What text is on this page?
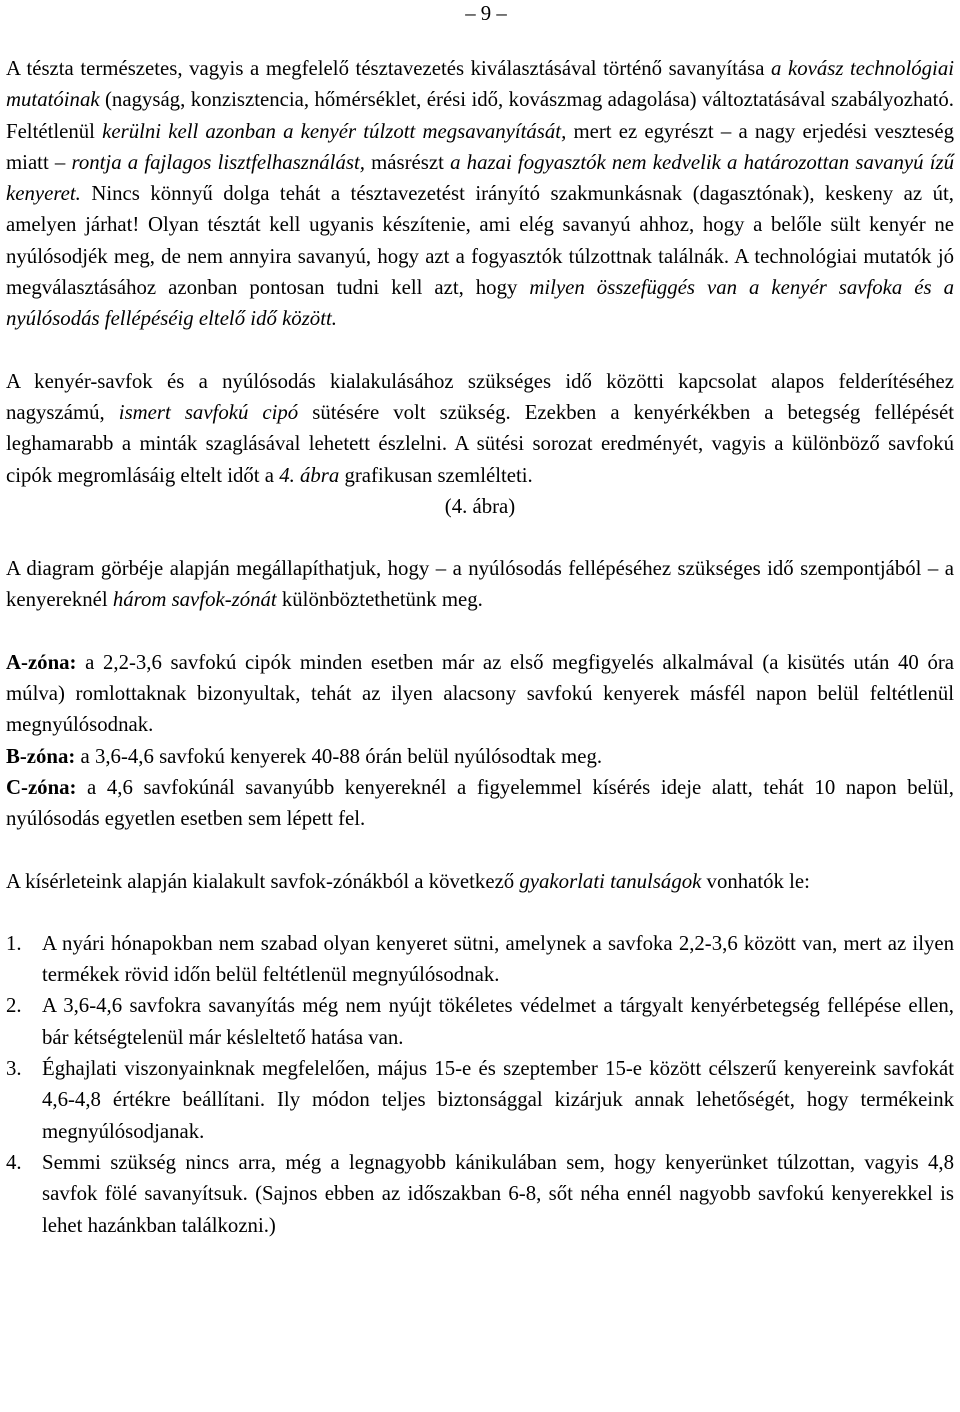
– 9 –

A tészta természetes, vagyis a megfelelő tésztavezetés kiválasztásával történő savanyítása a kovász technológiai mutatóinak (nagyság, konzisztencia, hőmérséklet, érési idő, kovászmag adagolása) változtatásával szabályozható. Feltétlenül kerülni kell azonban a kenyér túlzott megsavanyítását, mert ez egyrészt – a nagy erjedési veszteség miatt – rontja a fajlagos lisztfelhasználást, másrészt a hazai fogyasztók nem kedvelik a határozottan savanyú ízű kenyeret. Nincs könnyű dolga tehát a tésztavezetést irányító szakmunkásnak (dagasztónak), keskeny az út, amelyen járhat! Olyan tésztát kell ugyanis készítenie, ami elég savanyú ahhoz, hogy a belőle sült kenyér ne nyúlósodjék meg, de nem annyira savanyú, hogy azt a fogyasztók túlzottnak találnák. A technológiai mutatók jó megválasztásához azonban pontosan tudni kell azt, hogy milyen összefüggés van a kenyér savfoka és a nyúlósodás fellépéséig eltelő idő között.

A kenyér-savfok és a nyúlósodás kialakulásához szükséges idő közötti kapcsolat alapos felderítéséhez nagyszámú, ismert savfokú cipó sütésére volt szükség. Ezekben a kenyérkékben a betegség fellépését leghamarabb a minták szaglásával lehetett észlelni. A sütési sorozat eredményét, vagyis a különböző savfokú cipók megromlásáig eltelt időt a 4. ábra grafikusan szemlélteti.

(4. ábra)

A diagram görbéje alapján megállapíthatjuk, hogy – a nyúlósodás fellépéséhez szükséges idő szempontjából – a kenyereknél három savfok-zónát különböztethetünk meg.

A-zóna: a 2,2-3,6 savfokú cipók minden esetben már az első megfigyelés alkalmával (a kisütés után 40 óra múlva) romlottaknak bizonyultak, tehát az ilyen alacsony savfokú kenyerek másfél napon belül feltétlenül megnyúlósodnak.

B-zóna: a 3,6-4,6 savfokú kenyerek 40-88 órán belül nyúlósodtak meg.

C-zóna: a 4,6 savfokúnál savanyúbb kenyereknél a figyelemmel kísérés ideje alatt, tehát 10 napon belül, nyúlósodás egyetlen esetben sem lépett fel.

A kísérleteink alapján kialakult savfok-zónákból a következő gyakorlati tanulságok vonhatók le:

1. A nyári hónapokban nem szabad olyan kenyeret sütni, amelynek a savfoka 2,2-3,6 között van, mert az ilyen termékek rövid időn belül feltétlenül megnyúlósodnak.
2. A 3,6-4,6 savfokra savanyítás még nem nyújt tökéletes védelmet a tárgyalt kenyérbetegség fellépése ellen, bár kétségtelenül már késleltető hatása van.
3. Éghajlati viszonyainknak megfelelően, május 15-e és szeptember 15-e között célszerű kenyereink savfokát 4,6-4,8 értékre beállítani. Ily módon teljes biztonsággal kizárjuk annak lehetőségét, hogy termékeink megnyúlósodjanak.
4. Semmi szükség nincs arra, még a legnagyobb kánikulában sem, hogy kenyerünket túlzottan, vagyis 4,8 savfok fölé savanyítsuk. (Sajnos ebben az időszakban 6-8, sőt néha ennél nagyobb savfokú kenyerekkel is lehet hazánkban találkozni.)
